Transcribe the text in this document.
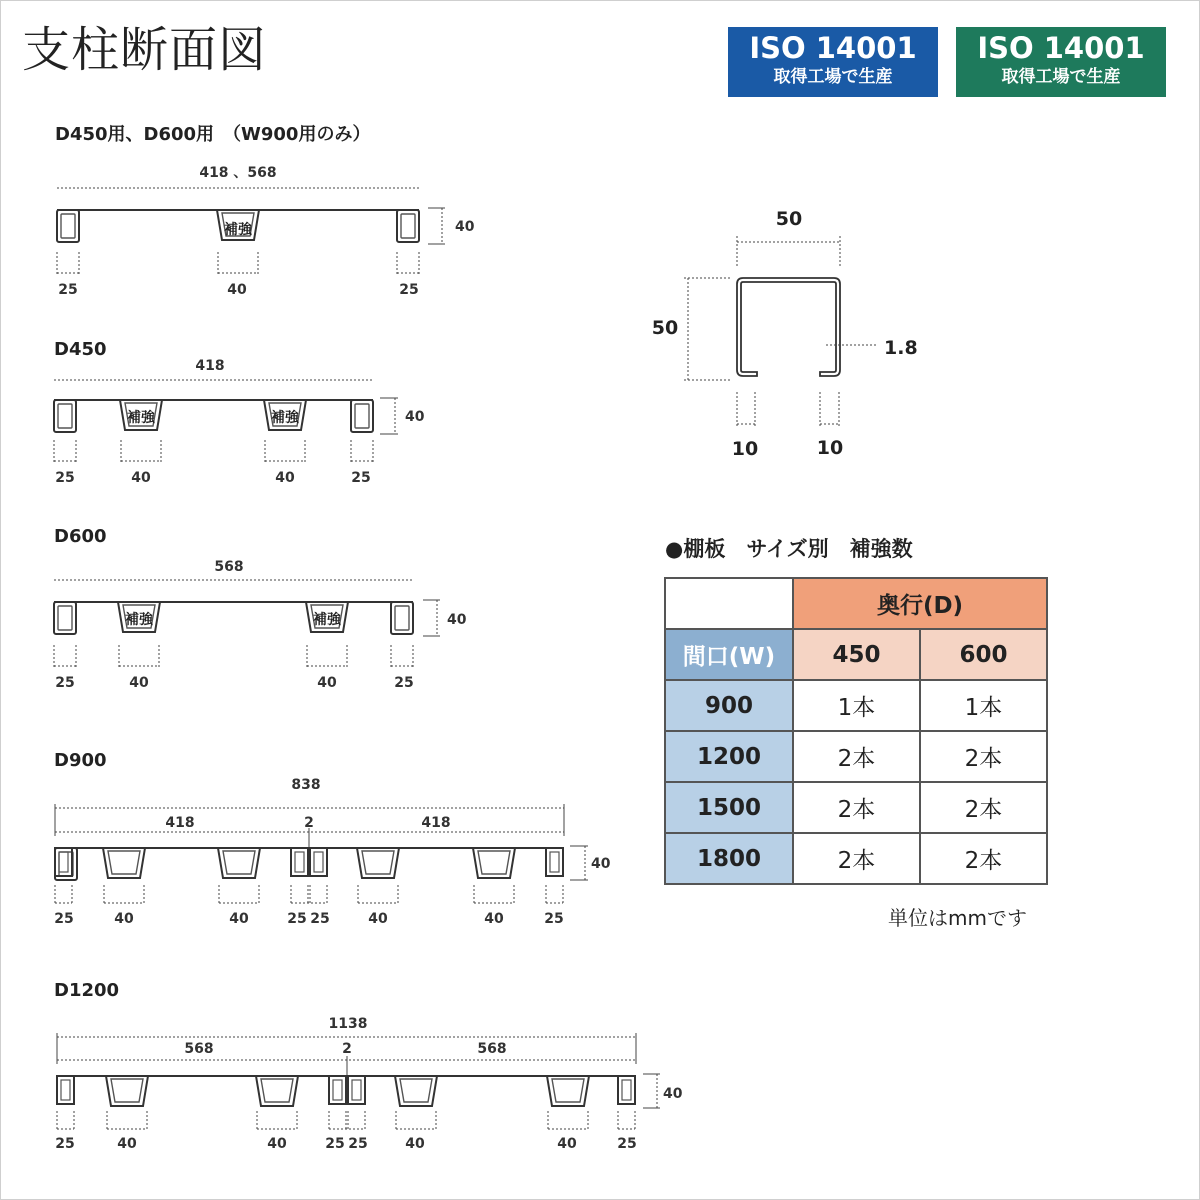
支柱断面図	ISO 14001
取得工場で生産
ISO 14001
取得工場で生産
D450用、D600用　（W900用のみ）
418 、568
補強	40
25	40	25
D450
418
補強	補強	40
25	40	40	25
D600
568
補強	補強	40
25	40	40	25
D900
838
418	2	418
40
25	40	40	25 25	40	40	25
D1200
1138
568	2	568
40
25	40	40	25 25	40	40	25
50
50
1.8
10	10
●棚板　サイズ別　補強数
	奥行(D)	
間口(W)	450	600
900	1本	1本
1200	2本	2本
1500	2本	2本
1800	2本	2本
単位はmmです
